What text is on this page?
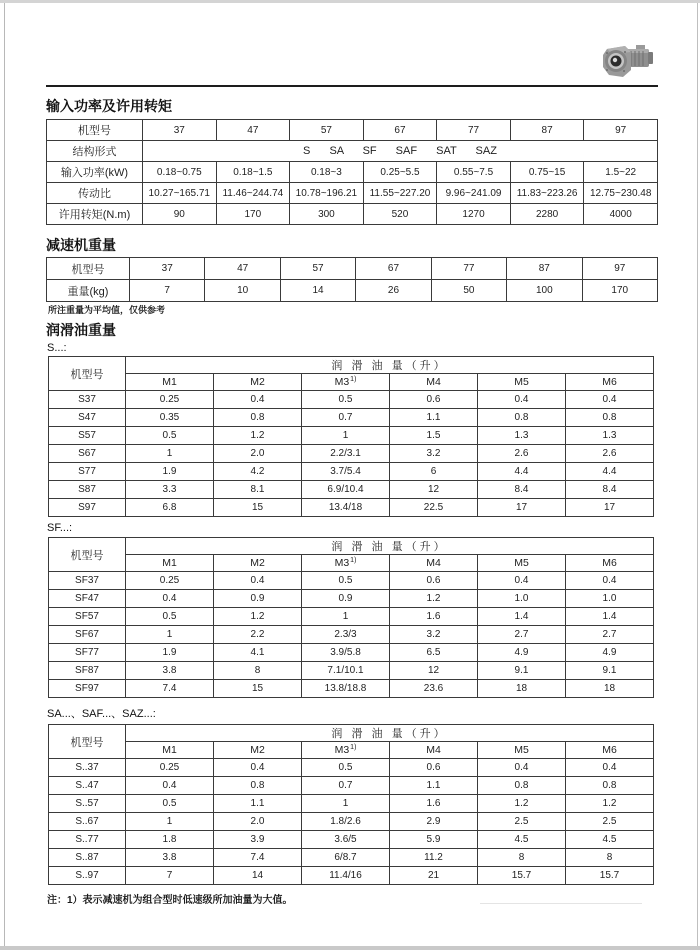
输入功率及许用转矩
机型号	37	47	57	67	77	87	97
结构形式	S SA SF SAF SAT SAZ						
输入功率(kW)	0.18~0.75	0.18~1.5	0.18~3	0.25~5.5	0.55~7.5	0.75~15	1.5~22
传动比	10.27~165.71	11.46~244.74	10.78~196.21	11.55~227.20	9.96~241.09	11.83~223.26	12.75~230.48
许用转矩(N.m)	90	170	300	520	1270	2280	4000
减速机重量
机型号	37	47	57	67	77	87	97
重量(kg)	7	10	14	26	50	100	170
所注重量为平均值，仅供参考
润滑油重量
S...:
机型号	润 滑 油 量（升）					
	M1	M2	M3$^{1)}$	M4	M5	M6
S37	0.25	0.4	0.5	0.6	0.4	0.4
S47	0.35	0.8	0.7	1.1	0.8	0.8
S57	0.5	1.2	1	1.5	1.3	1.3
S67	1	2.0	2.2/3.1	3.2	2.6	2.6
S77	1.9	4.2	3.7/5.4	6	4.4	4.4
S87	3.3	8.1	6.9/10.4	12	8.4	8.4
S97	6.8	15	13.4/18	22.5	17	17
SF...:
机型号	润 滑 油 量（升）					
	M1	M2	M3$^{1)}$	M4	M5	M6
SF37	0.25	0.4	0.5	0.6	0.4	0.4
SF47	0.4	0.9	0.9	1.2	1.0	1.0
SF57	0.5	1.2	1	1.6	1.4	1.4
SF67	1	2.2	2.3/3	3.2	2.7	2.7
SF77	1.9	4.1	3.9/5.8	6.5	4.9	4.9
SF87	3.8	8	7.1/10.1	12	9.1	9.1
SF97	7.4	15	13.8/18.8	23.6	18	18
SA...、SAF...、SAZ...:
机型号	润 滑 油 量（升）					
	M1	M2	M3$^{1)}$	M4	M5	M6
S..37	0.25	0.4	0.5	0.6	0.4	0.4
S..47	0.4	0.8	0.7	1.1	0.8	0.8
S..57	0.5	1.1	1	1.6	1.2	1.2
S..67	1	2.0	1.8/2.6	2.9	2.5	2.5
S..77	1.8	3.9	3.6/5	5.9	4.5	4.5
S..87	3.8	7.4	6/8.7	11.2	8	8
S..97	7	14	11.4/16	21	15.7	15.7
注：1）表示减速机为组合型时低速级所加油量为大值。
